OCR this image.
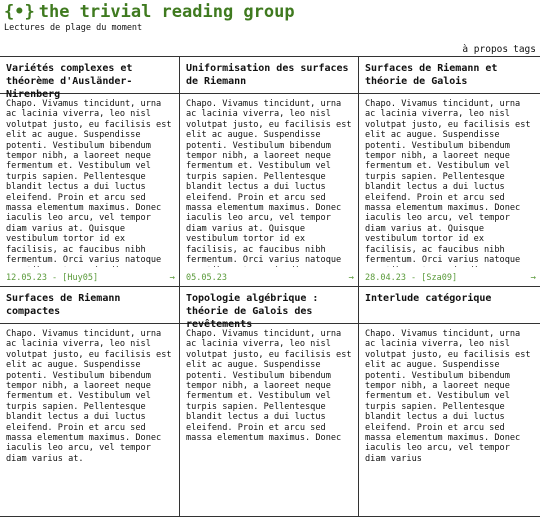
{•} the trivial reading group
Lectures de plage du moment
à propos tags
Variétés complexes et théorème d'Ausländer-Nirenberg
Chapo. Vivamus tincidunt, urna ac lacinia viverra, leo nisl volutpat justo, eu facilisis est elit ac augue. Suspendisse potenti. Vestibulum bibendum tempor nibh, a laoreet neque fermentum et. Vestibulum vel turpis sapien. Pellentesque blandit lectus a dui luctus eleifend. Proin et arcu sed massa elementum maximus. Donec iaculis leo arcu, vel tempor diam varius at. Quisque vestibulum tortor id ex facilisis, ac faucibus nibh fermentum. Orci varius natoque
12.05.23 - [Huy05]	→
Uniformisation des surfaces de Riemann
Chapo. Vivamus tincidunt, urna ac lacinia viverra, leo nisl volutpat justo, eu facilisis est elit ac augue. Suspendisse potenti. Vestibulum bibendum tempor nibh, a laoreet neque fermentum et. Vestibulum vel turpis sapien. Pellentesque blandit lectus a dui luctus eleifend. Proin et arcu sed massa elementum maximus. Donec iaculis leo arcu, vel tempor diam varius at. Quisque vestibulum tortor id ex facilisis, ac faucibus nibh fermentum. Orci varius natoque
05.05.23	→
Surfaces de Riemann et théorie de Galois
Chapo. Vivamus tincidunt, urna ac lacinia viverra, leo nisl volutpat justo, eu facilisis est elit ac augue. Suspendisse potenti. Vestibulum bibendum tempor nibh, a laoreet neque fermentum et. Vestibulum vel turpis sapien. Pellentesque blandit lectus a dui luctus eleifend. Proin et arcu sed massa elementum maximus. Donec iaculis leo arcu, vel tempor diam varius at. Quisque vestibulum tortor id ex facilisis, ac faucibus nibh fermentum. Orci varius natoque
28.04.23 - [Sza09]	→
Surfaces de Riemann compactes
Chapo. Vivamus tincidunt, urna ac lacinia viverra, leo nisl volutpat justo, eu facilisis est elit ac augue. Suspendisse potenti. Vestibulum bibendum tempor nibh, a laoreet neque fermentum et. Vestibulum vel turpis sapien. Pellentesque blandit lectus a dui luctus eleifend. Proin et arcu sed massa elementum maximus. Donec iaculis leo arcu, vel tempor diam varius at.
Topologie algébrique : théorie de Galois des revêtements
Chapo. Vivamus tincidunt, urna ac lacinia viverra, leo nisl volutpat justo, eu facilisis est elit ac augue. Suspendisse potenti. Vestibulum bibendum tempor nibh, a laoreet neque fermentum et. Vestibulum vel turpis sapien. Pellentesque blandit lectus a dui luctus eleifend. Proin et arcu sed massa elementum maximus. Donec
Interlude catégorique
Chapo. Vivamus tincidunt, urna ac lacinia viverra, leo nisl volutpat justo, eu facilisis est elit ac augue. Suspendisse potenti. Vestibulum bibendum tempor nibh, a laoreet neque fermentum et. Vestibulum vel turpis sapien. Pellentesque blandit lectus a dui luctus eleifend. Proin et arcu sed massa elementum maximus. Donec iaculis leo arcu, vel tempor diam varius
